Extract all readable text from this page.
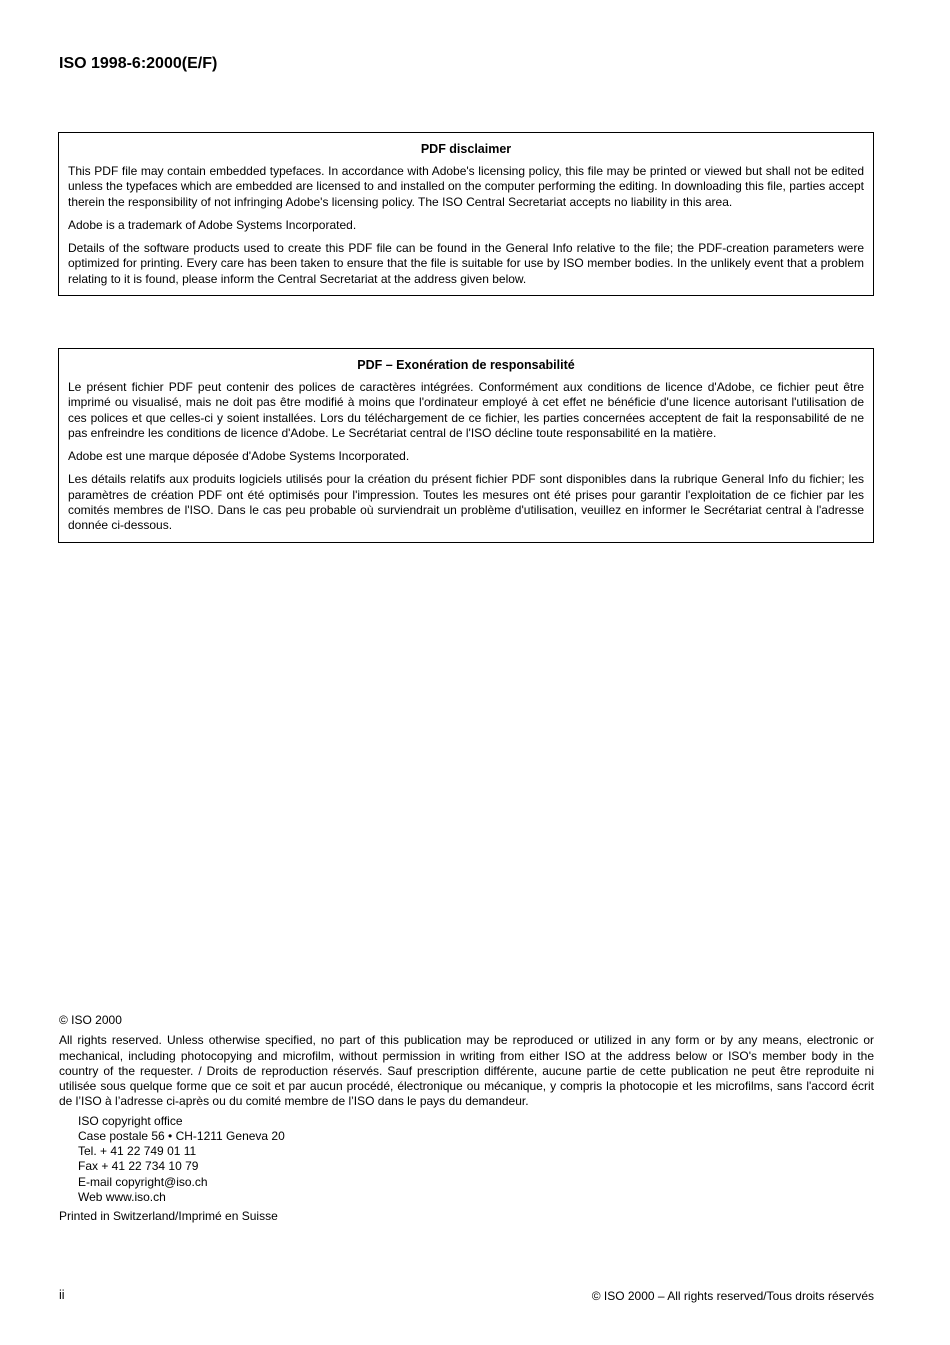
ISO 1998-6:2000(E/F)
PDF disclaimer

This PDF file may contain embedded typefaces. In accordance with Adobe's licensing policy, this file may be printed or viewed but shall not be edited unless the typefaces which are embedded are licensed to and installed on the computer performing the editing. In downloading this file, parties accept therein the responsibility of not infringing Adobe's licensing policy. The ISO Central Secretariat accepts no liability in this area.

Adobe is a trademark of Adobe Systems Incorporated.

Details of the software products used to create this PDF file can be found in the General Info relative to the file; the PDF-creation parameters were optimized for printing. Every care has been taken to ensure that the file is suitable for use by ISO member bodies. In the unlikely event that a problem relating to it is found, please inform the Central Secretariat at the address given below.

PDF – Exonération de responsabilité

Le présent fichier PDF peut contenir des polices de caractères intégrées. Conformément aux conditions de licence d'Adobe, ce fichier peut être imprimé ou visualisé, mais ne doit pas être modifié à moins que l'ordinateur employé à cet effet ne bénéficie d'une licence autorisant l'utilisation de ces polices et que celles-ci y soient installées. Lors du téléchargement de ce fichier, les parties concernées acceptent de fait la responsabilité de ne pas enfreindre les conditions de licence d'Adobe. Le Secrétariat central de l'ISO décline toute responsabilité en la matière.

Adobe est une marque déposée d'Adobe Systems Incorporated.

Les détails relatifs aux produits logiciels utilisés pour la création du présent fichier PDF sont disponibles dans la rubrique General Info du fichier; les paramètres de création PDF ont été optimisés pour l'impression. Toutes les mesures ont été prises pour garantir l'exploitation de ce fichier par les comités membres de l'ISO. Dans le cas peu probable où surviendrait un problème d'utilisation, veuillez en informer le Secrétariat central à l'adresse donnée ci-dessous.

© ISO 2000

All rights reserved. Unless otherwise specified, no part of this publication may be reproduced or utilized in any form or by any means, electronic or mechanical, including photocopying and microfilm, without permission in writing from either ISO at the address below or ISO's member body in the country of the requester. / Droits de reproduction réservés. Sauf prescription différente, aucune partie de cette publication ne peut être reproduite ni utilisée sous quelque forme que ce soit et par aucun procédé, électronique ou mécanique, y compris la photocopie et les microfilms, sans l'accord écrit de l’ISO à l’adresse ci-après ou du comité membre de l’ISO dans le pays du demandeur.

ISO copyright office
Case postale 56 • CH-1211 Geneva 20
Tel. + 41 22 749 01 11
Fax + 41 22 734 10 79
E-mail copyright@iso.ch
Web www.iso.ch

Printed in Switzerland/Imprimé en Suisse

ii	© ISO 2000 – All rights reserved/Tous droits réservés
